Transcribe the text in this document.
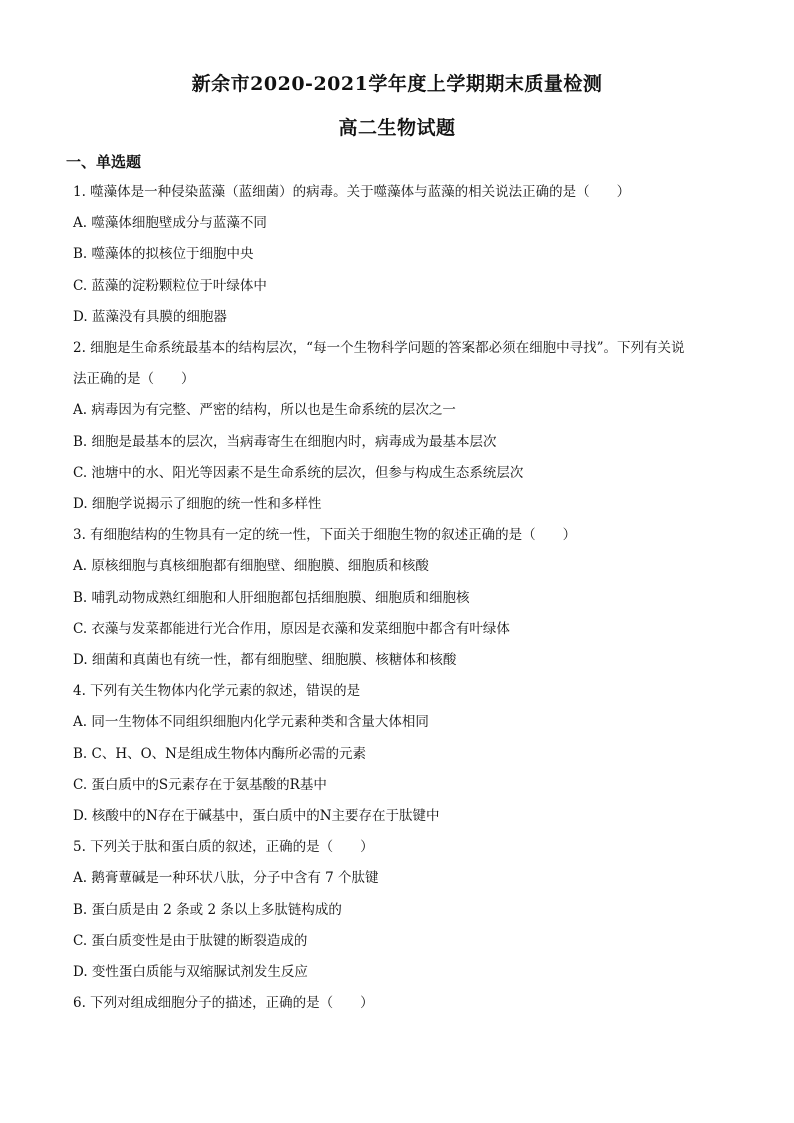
新余市2020-2021学年度上学期期末质量检测
高二生物试题
一、单选题
1. 噬藻体是一种侵染蓝藻（蓝细菌）的病毒。关于噬藻体与蓝藻的相关说法正确的是（　　）
A. 噬藻体细胞壁成分与蓝藻不同
B. 噬藻体的拟核位于细胞中央
C. 蓝藻的淀粉颗粒位于叶绿体中
D. 蓝藻没有具膜的细胞器
2. 细胞是生命系统最基本的结构层次，“每一个生物科学问题的答案都必须在细胞中寻找”。下列有关说
法正确的是（　　）
A. 病毒因为有完整、严密的结构，所以也是生命系统的层次之一
B. 细胞是最基本的层次，当病毒寄生在细胞内时，病毒成为最基本层次
C. 池塘中的水、阳光等因素不是生命系统的层次，但参与构成生态系统层次
D. 细胞学说揭示了细胞的统一性和多样性
3. 有细胞结构的生物具有一定的统一性，下面关于细胞生物的叙述正确的是（　　）
A. 原核细胞与真核细胞都有细胞壁、细胞膜、细胞质和核酸
B. 哺乳动物成熟红细胞和人肝细胞都包括细胞膜、细胞质和细胞核
C. 衣藻与发菜都能进行光合作用，原因是衣藻和发菜细胞中都含有叶绿体
D. 细菌和真菌也有统一性，都有细胞壁、细胞膜、核糖体和核酸
4. 下列有关生物体内化学元素的叙述，错误的是
A. 同一生物体不同组织细胞内化学元素种类和含量大体相同
B. C、H、O、N是组成生物体内酶所必需的元素
C. 蛋白质中的S元素存在于氨基酸的R基中
D. 核酸中的N存在于碱基中，蛋白质中的N主要存在于肽键中
5. 下列关于肽和蛋白质的叙述，正确的是（　　）
A. 鹅膏蕈碱是一种环状八肽，分子中含有 7 个肽键
B. 蛋白质是由 2 条或 2 条以上多肽链构成的
C. 蛋白质变性是由于肽键的断裂造成的
D. 变性蛋白质能与双缩脲试剂发生反应
6. 下列对组成细胞分子的描述，正确的是（　　）
